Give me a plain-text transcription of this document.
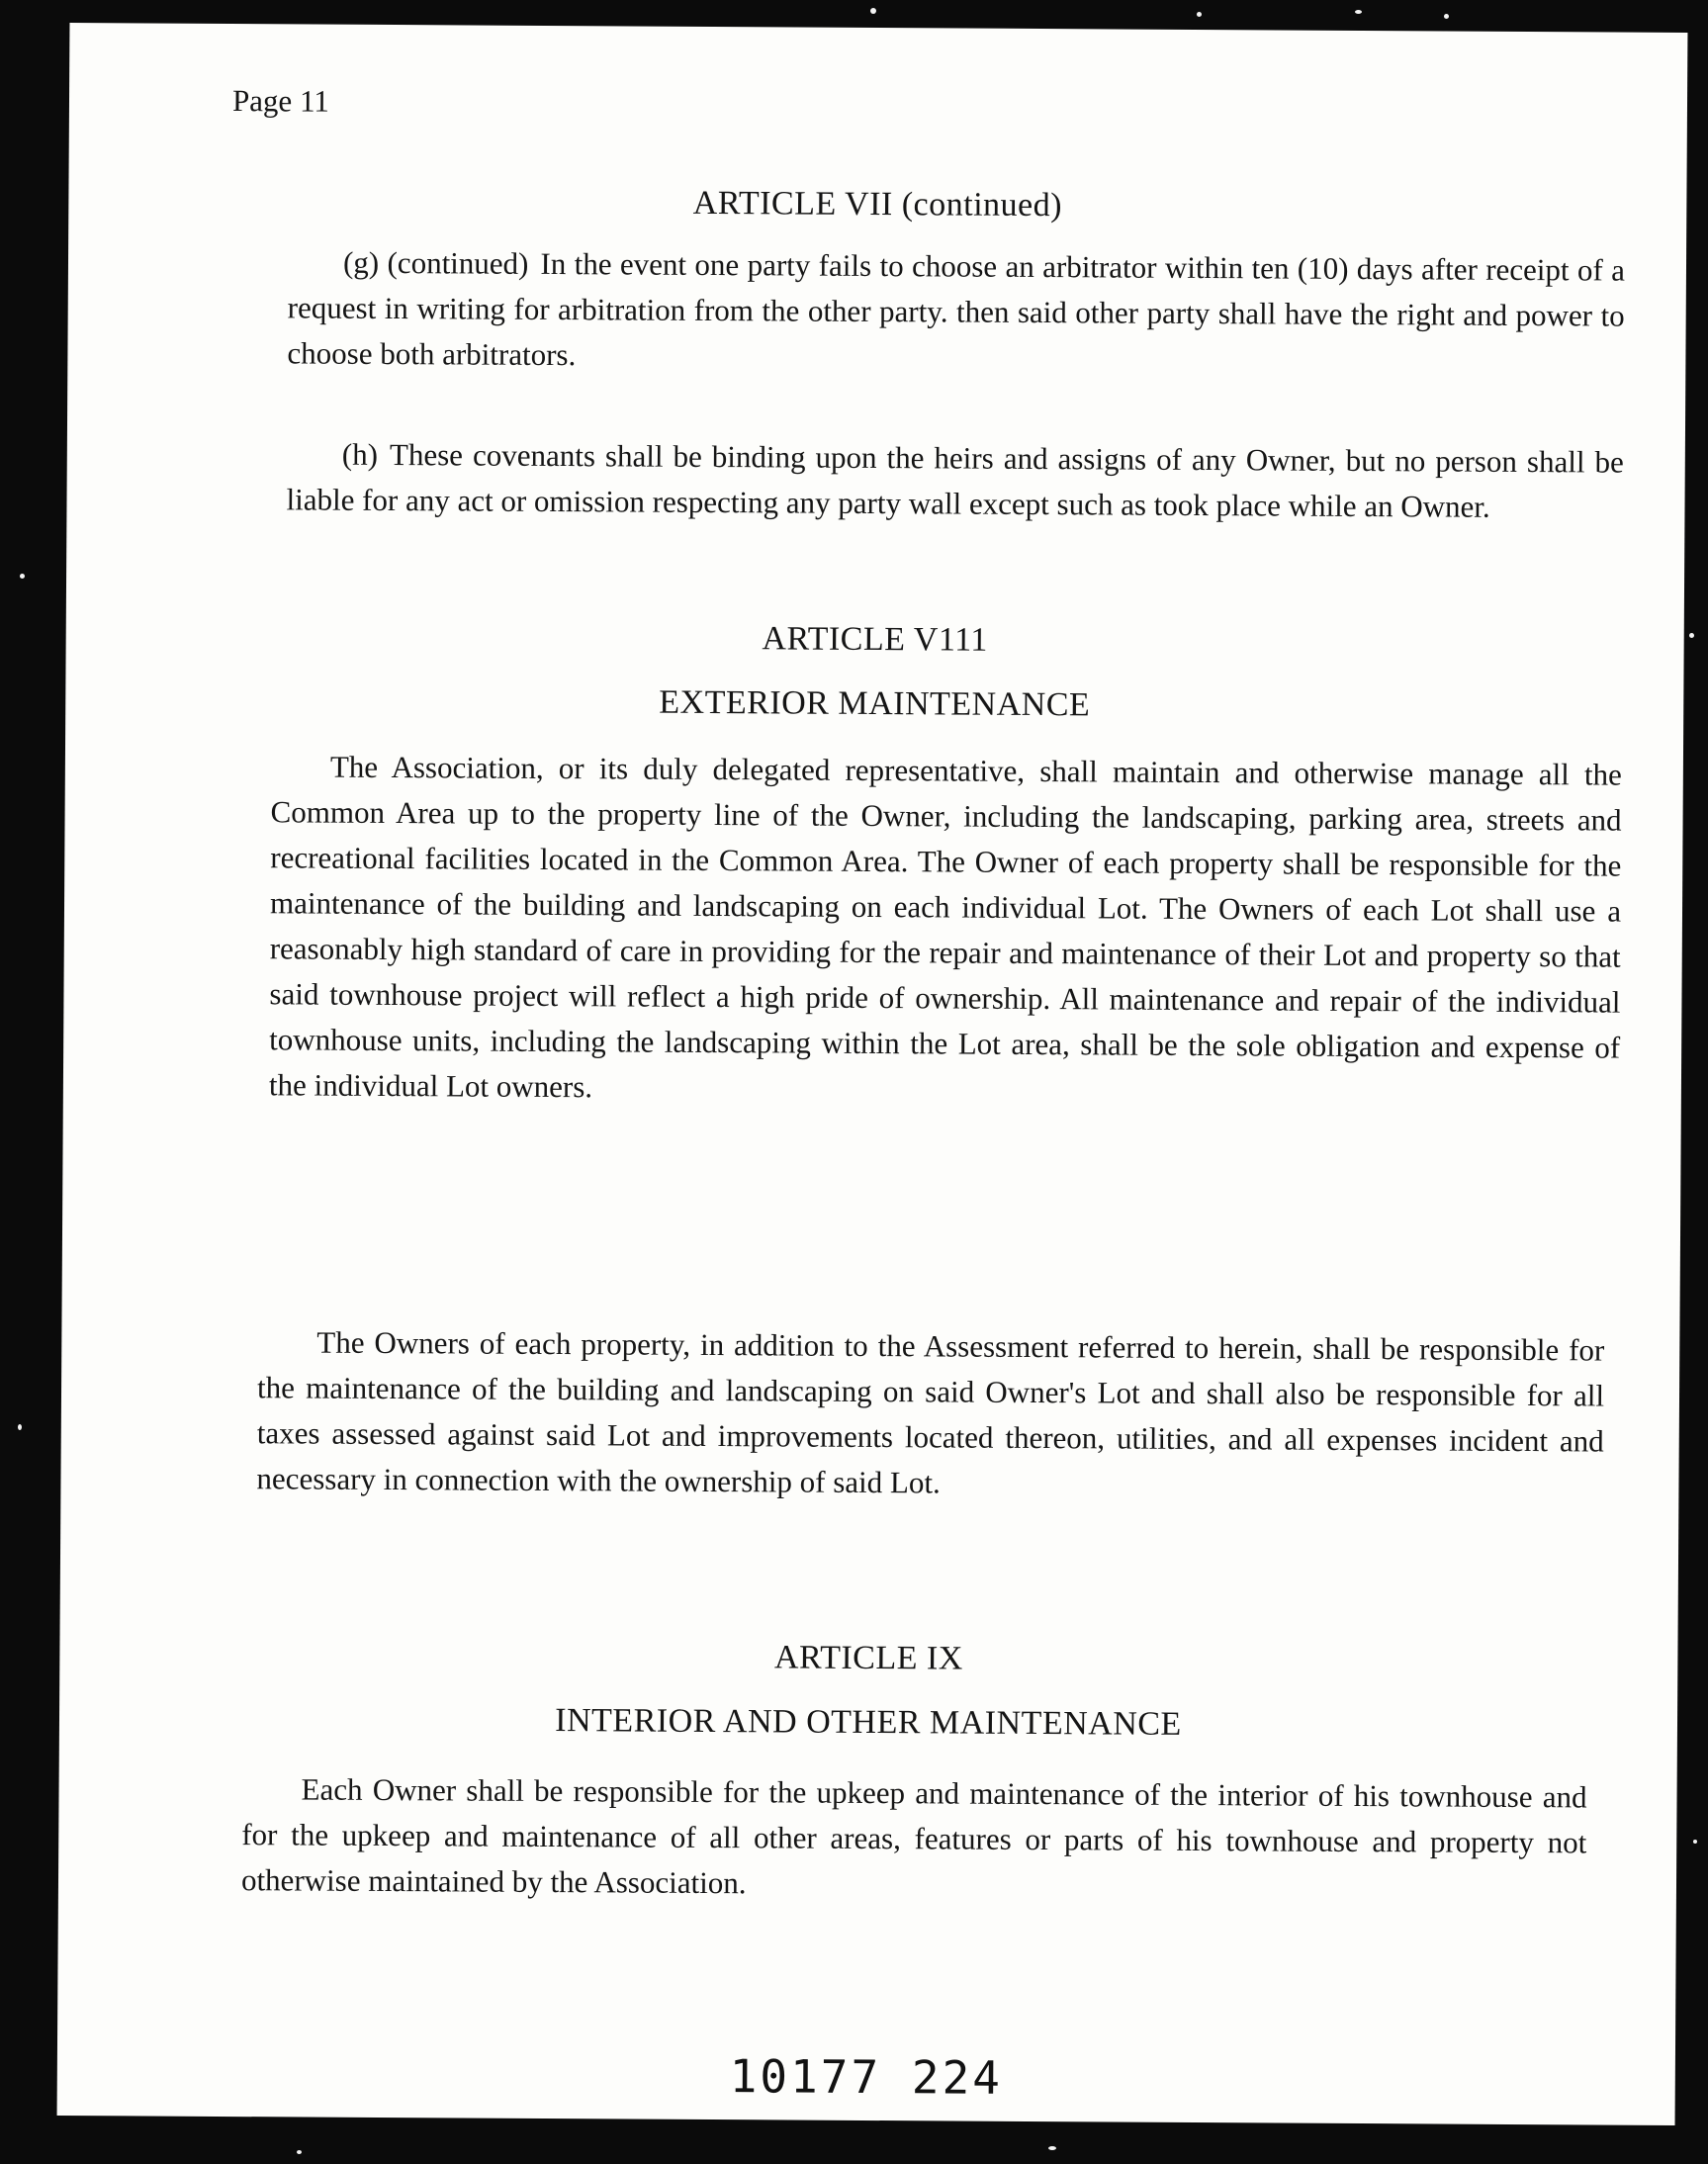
Page 11
ARTICLE VII (continued)
(g) (continued) In the event one party fails to choose an arbitrator within ten (10) days after receipt of a request in writing for arbitration from the other party. then said other party shall have the right and power to choose both arbitrators.
(h) These covenants shall be binding upon the heirs and assigns of any Owner, but no person shall be liable for any act or omission respecting any party wall except such as took place while an Owner.
ARTICLE V111
EXTERIOR MAINTENANCE
The Association, or its duly delegated representative, shall maintain and otherwise manage all the Common Area up to the property line of the Owner, including the landscaping, parking area, streets and recreational facilities located in the Common Area. The Owner of each property shall be responsible for the maintenance of the building and landscaping on each individual Lot. The Owners of each Lot shall use a reasonably high standard of care in providing for the repair and maintenance of their Lot and property so that said townhouse project will reflect a high pride of ownership. All maintenance and repair of the individual townhouse units, including the landscaping within the Lot area, shall be the sole obligation and expense of the individual Lot owners.
The Owners of each property, in addition to the Assessment referred to herein, shall be responsible for the maintenance of the building and landscaping on said Owner's Lot and shall also be responsible for all taxes assessed against said Lot and improvements located thereon, utilities, and all expenses incident and necessary in connection with the ownership of said Lot.
ARTICLE IX
INTERIOR AND OTHER MAINTENANCE
Each Owner shall be responsible for the upkeep and maintenance of the interior of his townhouse and for the upkeep and maintenance of all other areas, features or parts of his townhouse and property not otherwise maintained by the Association.
10177 224
